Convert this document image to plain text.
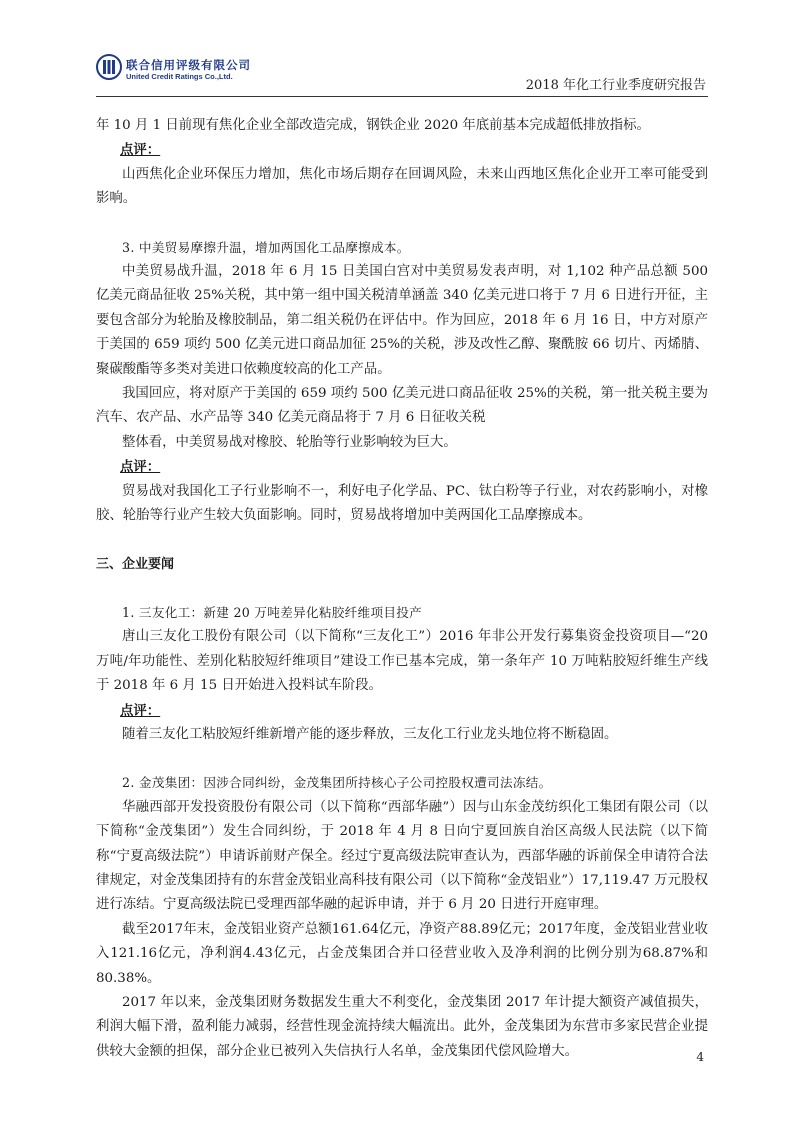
联合信用评级有限公司
United Credit Ratings Co.,Ltd.
2018 年化工行业季度研究报告
www.baogao8.com

年 10 月 1 日前现有焦化企业全部改造完成，钢铁企业 2020 年底前基本完成超低排放指标。

点评：

山西焦化企业环保压力增加，焦化市场后期存在回调风险，未来山西地区焦化企业开工率可能受到影响。

3. 中美贸易摩擦升温，增加两国化工品摩擦成本。

中美贸易战升温，2018 年 6 月 15 日美国白宫对中美贸易发表声明，对 1,102 种产品总额 500 亿美元商品征收 25%关税，其中第一组中国关税清单涵盖 340 亿美元进口将于 7 月 6 日进行开征，主要包含部分为轮胎及橡胶制品，第二组关税仍在评估中。作为回应，2018 年 6 月 16 日，中方对原产于美国的 659 项约 500 亿美元进口商品加征 25%的关税，涉及改性乙醇、聚酰胺 66 切片、丙烯腈、聚碳酸酯等多类对美进口依赖度较高的化工产品。

我国回应，将对原产于美国的 659 项约 500 亿美元进口商品征收 25%的关税，第一批关税主要为汽车、农产品、水产品等 340 亿美元商品将于 7 月 6 日征收关税

整体看，中美贸易战对橡胶、轮胎等行业影响较为巨大。

点评：

贸易战对我国化工子行业影响不一，利好电子化学品、PC、钛白粉等子行业，对农药影响小，对橡胶、轮胎等行业产生较大负面影响。同时，贸易战将增加中美两国化工品摩擦成本。

三、企业要闻

1. 三友化工：新建 20 万吨差异化粘胶纤维项目投产

唐山三友化工股份有限公司（以下简称“三友化工”）2016 年非公开发行募集资金投资项目—“20 万吨/年功能性、差别化粘胶短纤维项目”建设工作已基本完成，第一条年产 10 万吨粘胶短纤维生产线于 2018 年 6 月 15 日开始进入投料试车阶段。

点评：

随着三友化工粘胶短纤维新增产能的逐步释放，三友化工行业龙头地位将不断稳固。

2. 金茂集团：因涉合同纠纷，金茂集团所持核心子公司控股权遭司法冻结。

华融西部开发投资股份有限公司（以下简称“西部华融”）因与山东金茂纺织化工集团有限公司（以下简称“金茂集团”）发生合同纠纷，于 2018 年 4 月 8 日向宁夏回族自治区高级人民法院（以下简称“宁夏高级法院”）申请诉前财产保全。经过宁夏高级法院审查认为，西部华融的诉前保全申请符合法律规定，对金茂集团持有的东营金茂铝业高科技有限公司（以下简称“金茂铝业”）17,119.47 万元股权进行冻结。宁夏高级法院已受理西部华融的起诉申请，并于 6 月 20 日进行开庭审理。

截至2017年末，金茂铝业资产总额161.64亿元，净资产88.89亿元；2017年度，金茂铝业营业收入121.16亿元，净利润4.43亿元，占金茂集团合并口径营业收入及净利润的比例分别为68.87%和80.38%。

2017 年以来，金茂集团财务数据发生重大不利变化，金茂集团 2017 年计提大额资产减值损失，利润大幅下滑，盈利能力减弱，经营性现金流持续大幅流出。此外，金茂集团为东营市多家民营企业提供较大金额的担保，部分企业已被列入失信执行人名单，金茂集团代偿风险增大。	4
